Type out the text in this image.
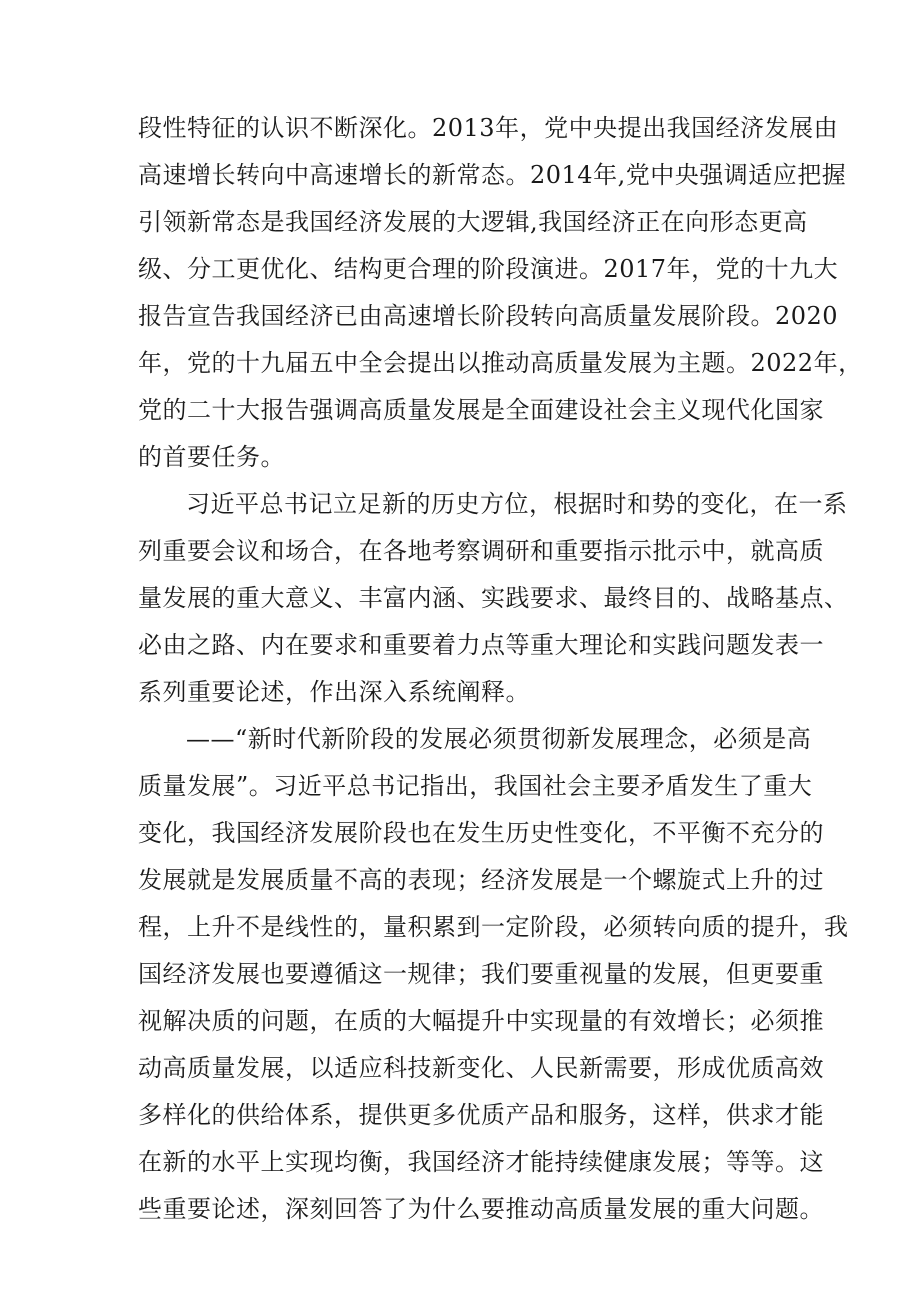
段性特征的认识不断深化。2013年，党中央提出我国经济发展由
高速增长转向中高速增长的新常态。2014年,党中央强调适应把握
引领新常态是我国经济发展的大逻辑,我国经济正在向形态更高
级、分工更优化、结构更合理的阶段演进。2017年，党的十九大
报告宣告我国经济已由高速增长阶段转向高质量发展阶段。2020
年，党的十九届五中全会提出以推动高质量发展为主题。2022年，
党的二十大报告强调高质量发展是全面建设社会主义现代化国家
的首要任务。
习近平总书记立足新的历史方位，根据时和势的变化，在一系
列重要会议和场合，在各地考察调研和重要指示批示中，就高质
量发展的重大意义、丰富内涵、实践要求、最终目的、战略基点、
必由之路、内在要求和重要着力点等重大理论和实践问题发表一
系列重要论述，作出深入系统阐释。
——“新时代新阶段的发展必须贯彻新发展理念，必须是高
质量发展”。习近平总书记指出，我国社会主要矛盾发生了重大
变化，我国经济发展阶段也在发生历史性变化，不平衡不充分的
发展就是发展质量不高的表现；经济发展是一个螺旋式上升的过
程，上升不是线性的，量积累到一定阶段，必须转向质的提升，我
国经济发展也要遵循这一规律；我们要重视量的发展，但更要重
视解决质的问题，在质的大幅提升中实现量的有效增长；必须推
动高质量发展，以适应科技新变化、人民新需要，形成优质高效
多样化的供给体系，提供更多优质产品和服务，这样，供求才能
在新的水平上实现均衡，我国经济才能持续健康发展；等等。这
些重要论述，深刻回答了为什么要推动高质量发展的重大问题。
